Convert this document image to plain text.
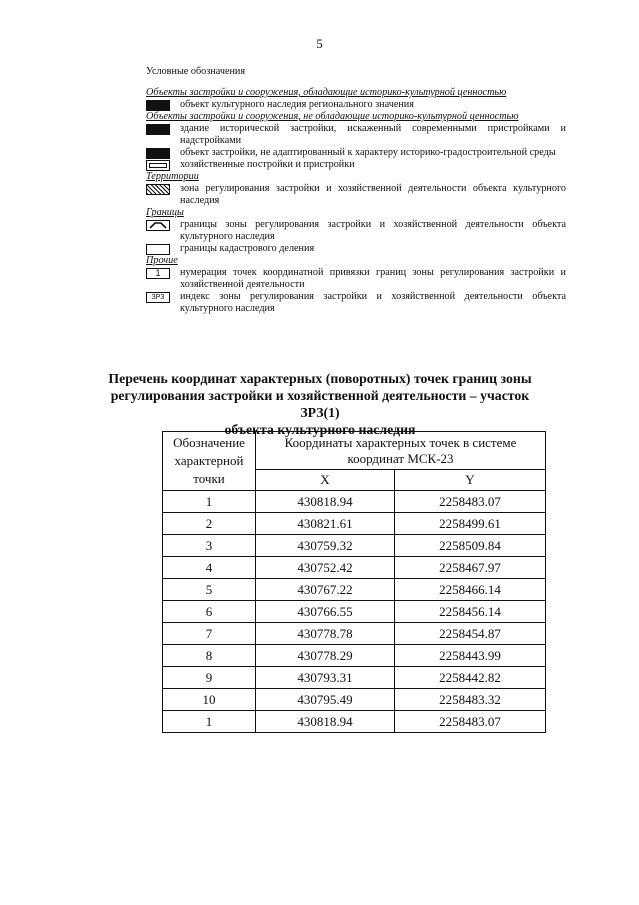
5
Условные обозначения
Объекты застройки и сооружения, обладающие историко-культурной ценностью
объект культурного наследия регионального значения
Объекты застройки и сооружения, не обладающие историко-культурной ценностью
здание исторической застройки, искаженный современными пристройками и надстройками
объект застройки, не адаптированный к характеру историко-градостроительной среды
хозяйственные постройки и пристройки
Территории
зона регулирования застройки и хозяйственной деятельности объекта культурного наследия
Границы
границы зоны регулирования застройки и хозяйственной деятельности объекта культурного наследия
границы кадастрового деления
Прочие
1	нумерация точек координатной привязки границ зоны регулирования застройки и хозяйственной деятельности
ЗРЗ	индекс зоны регулирования застройки и хозяйственной деятельности объекта культурного наследия
Перечень координат характерных (поворотных) точек границ зоны
регулирования застройки и хозяйственной деятельности – участок ЗРЗ(1)
объекта культурного наследия
Обозначение
характерной
точки	Координаты характерных точек в системе координат МСК-23	
	X	Y
1	430818.94	2258483.07
2	430821.61	2258499.61
3	430759.32	2258509.84
4	430752.42	2258467.97
5	430767.22	2258466.14
6	430766.55	2258456.14
7	430778.78	2258454.87
8	430778.29	2258443.99
9	430793.31	2258442.82
10	430795.49	2258483.32
1	430818.94	2258483.07
